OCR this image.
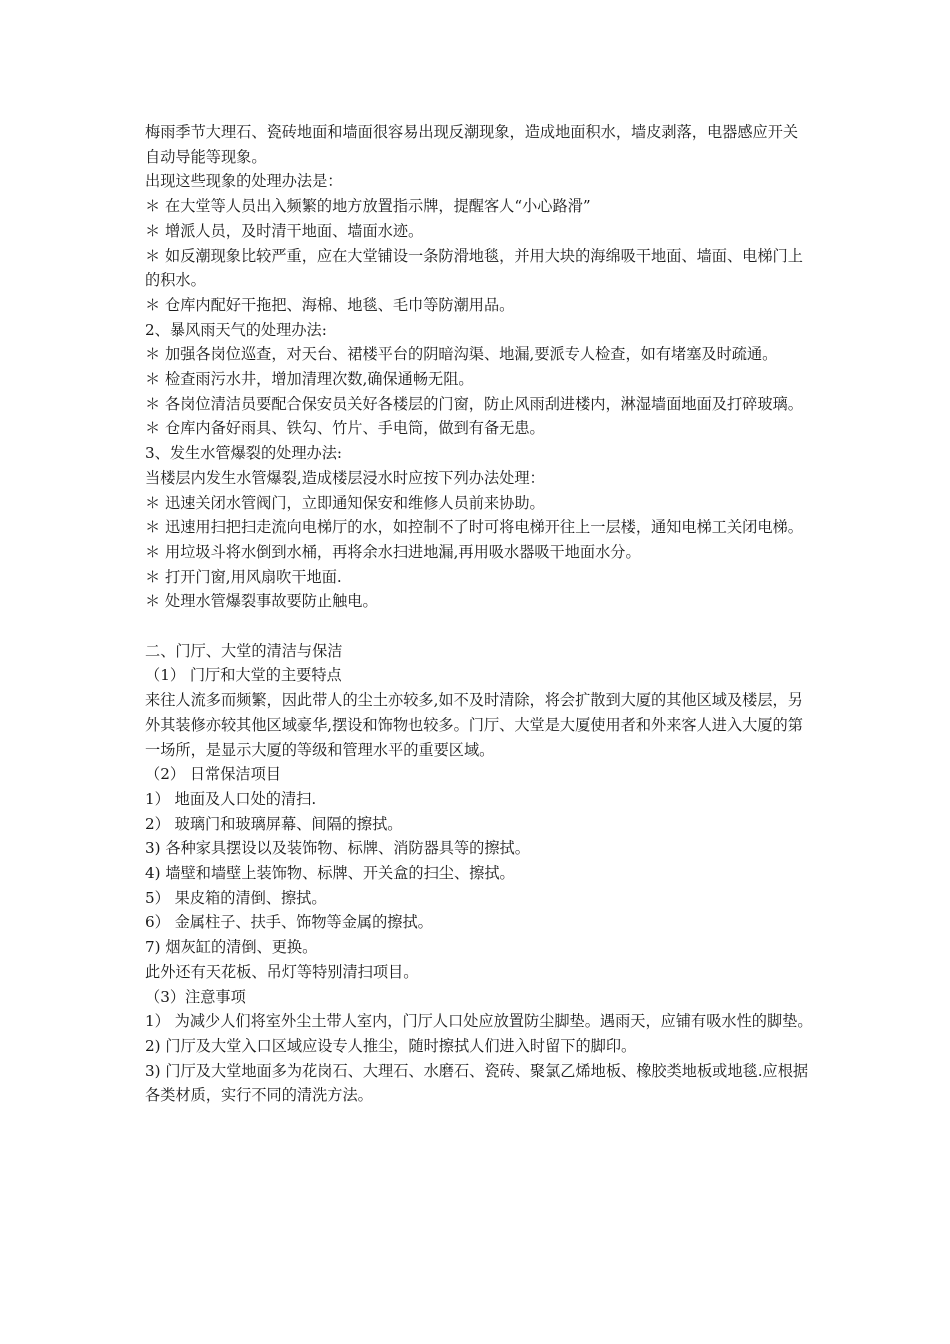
梅雨季节大理石、瓷砖地面和墙面很容易出现反潮现象，造成地面积水，墙皮剥落，电器感应开关自动导能等现象。

出现这些现象的处理办法是：

＊ 在大堂等人员出入频繁的地方放置指示牌，提醒客人“小心路滑”

＊ 增派人员，及时清干地面、墙面水迹。

＊ 如反潮现象比较严重，应在大堂铺设一条防滑地毯，并用大块的海绵吸干地面、墙面、电梯门上的积水。

＊ 仓库内配好干拖把、海棉、地毯、毛巾等防潮用品。

2、暴风雨天气的处理办法:

＊ 加强各岗位巡查，对天台、裙楼平台的阴暗沟渠、地漏,要派专人检查，如有堵塞及时疏通。

＊ 检查雨污水井，增加清理次数,确保通畅无阻。

＊ 各岗位清洁员要配合保安员关好各楼层的门窗，防止风雨刮进楼内，淋湿墙面地面及打碎玻璃。

＊ 仓库内备好雨具、铁勾、竹片、手电筒，做到有备无患。

3、发生水管爆裂的处理办法:

当楼层内发生水管爆裂,造成楼层浸水时应按下列办法处理：

＊ 迅速关闭水管阀门，立即通知保安和维修人员前来协助。

＊ 迅速用扫把扫走流向电梯厅的水，如控制不了时可将电梯开往上一层楼，通知电梯工关闭电梯。

＊ 用垃圾斗将水倒到水桶，再将余水扫进地漏,再用吸水器吸干地面水分。

＊ 打开门窗,用风扇吹干地面.

＊ 处理水管爆裂事故要防止触电。

二、门厅、大堂的清洁与保洁

（1） 门厅和大堂的主要特点

来往人流多而频繁，因此带人的尘土亦较多,如不及时清除，将会扩散到大厦的其他区域及楼层，另外其装修亦较其他区域豪华,摆设和饰物也较多。门厅、大堂是大厦使用者和外来客人进入大厦的第一场所，是显示大厦的等级和管理水平的重要区域。

（2） 日常保洁项目

1） 地面及人口处的清扫.

2） 玻璃门和玻璃屏幕、间隔的擦拭。

3) 各种家具摆设以及装饰物、标牌、消防器具等的擦拭。

4) 墙壁和墙壁上装饰物、标牌、开关盒的扫尘、擦拭。

5） 果皮箱的清倒、擦拭。

6） 金属柱子、扶手、饰物等金属的擦拭。

7) 烟灰缸的清倒、更换。

此外还有天花板、吊灯等特别清扫项目。

（3）注意事项

1） 为减少人们将室外尘土带人室内，门厅人口处应放置防尘脚垫。遇雨天，应铺有吸水性的脚垫。

2) 门厅及大堂入口区域应设专人推尘，随时擦拭人们进入时留下的脚印。

3) 门厅及大堂地面多为花岗石、大理石、水磨石、瓷砖、聚氯乙烯地板、橡胶类地板或地毯.应根据各类材质，实行不同的清洗方法。
